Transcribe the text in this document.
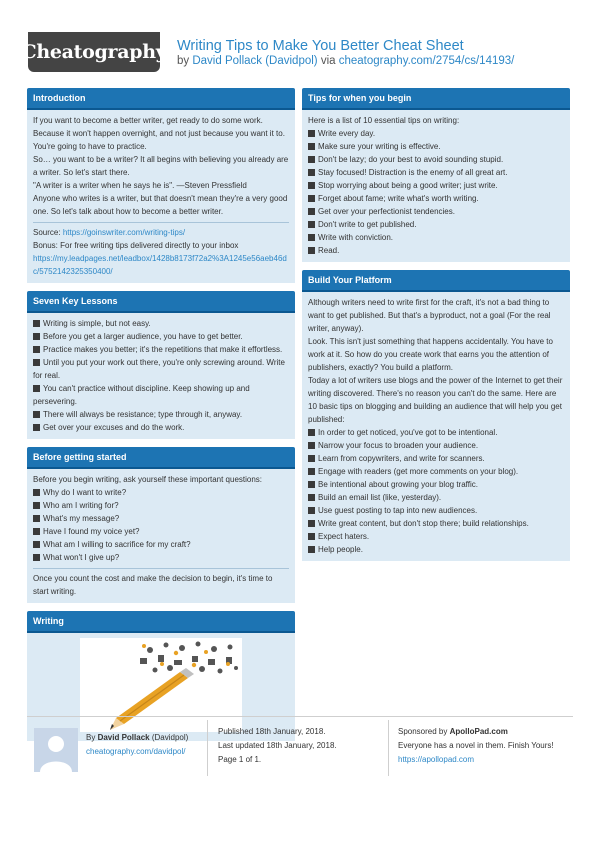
Cheatography Writing Tips to Make You Better Cheat Sheet
by David Pollack (Davidpol) via cheatography.com/2754/cs/14193/
Introduction

If you want to become a better writer, get ready to do some work. Because it won't happen overnight, and not just because you want it to. You're going to have to practice.

So… you want to be a writer? It all begins with believing you already are a writer. So let's start there.

"A writer is a writer when he says he is". —Steven Pressfield

Anyone who writes is a writer, but that doesn't mean they're a very good one. So let's talk about how to become a better writer.

Source: https://goinswriter.com/writing-tips/

Bonus: For free writing tips delivered directly to your inbox

https://my.leadpages.net/leadbox/1428b8173f72a2%3A1245e56aeb46dc/5752142325350400/

Seven Key Lessons

Writing is simple, but not easy.

Before you get a larger audience, you have to get better.

Practice makes you better; it's the repetitions that make it effortless.

Until you put your work out there, you're only screwing around. Write for real.

You can't practice without discipline. Keep showing up and persevering.

There will always be resistance; type through it, anyway.

Get over your excuses and do the work.

Before getting started

Before you begin writing, ask yourself these important questions:

Why do I want to write?

Who am I writing for?

What's my message?

Have I found my voice yet?

What am I willing to sacrifice for my craft?

What won't I give up?

Once you count the cost and make the decision to begin, it's time to start writing.

Writing
Tips for when you begin

Here is a list of 10 essential tips on writing:

Write every day.

Make sure your writing is effective.

Don't be lazy; do your best to avoid sounding stupid.

Stay focused! Distraction is the enemy of all great art.

Stop worrying about being a good writer; just write.

Forget about fame; write what's worth writing.

Get over your perfectionist tendencies.

Don't write to get published.

Write with conviction.

Read.

Build Your Platform

Although writers need to write first for the craft, it's not a bad thing to want to get published. But that's a byproduct, not a goal (For the real writer, anyway).

Look. This isn't just something that happens accidentally. You have to work at it. So how do you create work that earns you the attention of publishers, exactly? You build a platform.

Today a lot of writers use blogs and the power of the Internet to get their writing discovered. There's no reason you can't do the same. Here are 10 basic tips on blogging and building an audience that will help you get published:

In order to get noticed, you've got to be intentional.

Narrow your focus to broaden your audience.

Learn from copywriters, and write for scanners.

Engage with readers (get more comments on your blog).

Be intentional about growing your blog traffic.

Build an email list (like, yesterday).

Use guest posting to tap into new audiences.

Write great content, but don't stop there; build relationships.

Expect haters.

Help people.

By David Pollack (Davidpol)
cheatography.com/davidpol/
Published 18th January, 2018.
Last updated 18th January, 2018.
Page 1 of 1.
Sponsored by ApolloPad.com
Everyone has a novel in them. Finish Yours!
https://apollopad.com
